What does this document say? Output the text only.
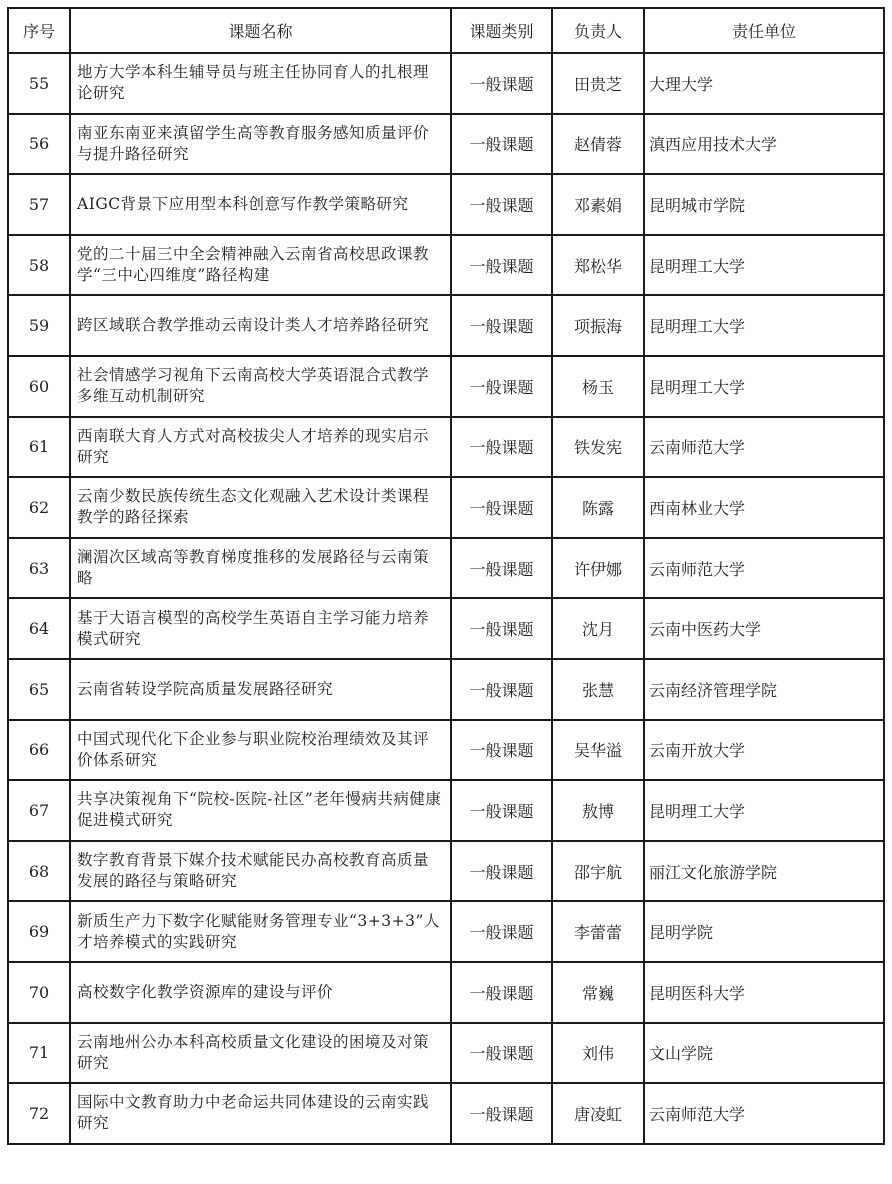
序号	课题名称	课题类别	负责人	责任单位
55	地方大学本科生辅导员与班主任协同育人的扎根理论研究	一般课题	田贵芝	大理大学
56	南亚东南亚来滇留学生高等教育服务感知质量评价与提升路径研究	一般课题	赵倩蓉	滇西应用技术大学
57	AIGC背景下应用型本科创意写作教学策略研究	一般课题	邓素娟	昆明城市学院
58	党的二十届三中全会精神融入云南省高校思政课教学“三中心四维度”路径构建	一般课题	郑松华	昆明理工大学
59	跨区域联合教学推动云南设计类人才培养路径研究	一般课题	项振海	昆明理工大学
60	社会情感学习视角下云南高校大学英语混合式教学多维互动机制研究	一般课题	杨玉	昆明理工大学
61	西南联大育人方式对高校拔尖人才培养的现实启示研究	一般课题	铁发宪	云南师范大学
62	云南少数民族传统生态文化观融入艺术设计类课程教学的路径探索	一般课题	陈露	西南林业大学
63	澜湄次区域高等教育梯度推移的发展路径与云南策略	一般课题	许伊娜	云南师范大学
64	基于大语言模型的高校学生英语自主学习能力培养模式研究	一般课题	沈月	云南中医药大学
65	云南省转设学院高质量发展路径研究	一般课题	张慧	云南经济管理学院
66	中国式现代化下企业参与职业院校治理绩效及其评价体系研究	一般课题	吴华溢	云南开放大学
67	共享决策视角下“院校-医院-社区”老年慢病共病健康促进模式研究	一般课题	敖博	昆明理工大学
68	数字教育背景下媒介技术赋能民办高校教育高质量发展的路径与策略研究	一般课题	邵宇航	丽江文化旅游学院
69	新质生产力下数字化赋能财务管理专业“3+3+3”人才培养模式的实践研究	一般课题	李蕾蕾	昆明学院
70	高校数字化教学资源库的建设与评价	一般课题	常巍	昆明医科大学
71	云南地州公办本科高校质量文化建设的困境及对策研究	一般课题	刘伟	文山学院
72	国际中文教育助力中老命运共同体建设的云南实践研究	一般课题	唐凌虹	云南师范大学
